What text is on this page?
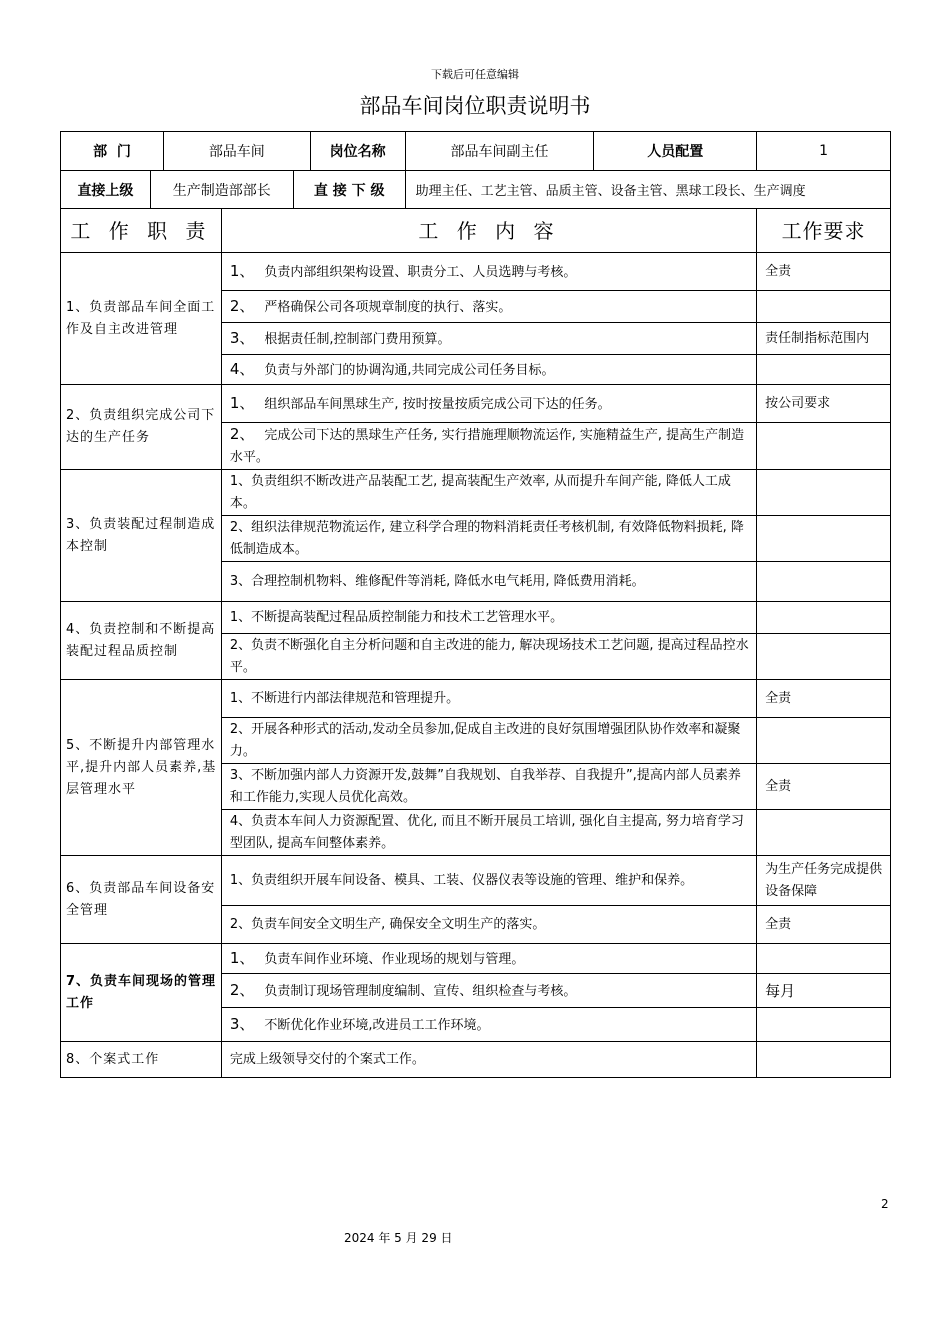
下载后可任意编辑
部品车间岗位职责说明书
部  门	部品车间	岗位名称	部品车间副主任	人员配置	1
直接上级	生产制造部部长	直 接 下 级	助理主任、工艺主管、品质主管、设备主管、黑球工段长、生产调度
工 作 职 责	工 作 内 容	工作要求
1、负责部品车间全面工作及自主改进管理	1、 负责内部组织架构设置、职责分工、人员选聘与考核。	全责
	2、 严格确保公司各项规章制度的执行、落实。	
	3、 根据责任制,控制部门费用预算。	责任制指标范围内
	4、 负责与外部门的协调沟通,共同完成公司任务目标。	
2、负责组织完成公司下达的生产任务	1、 组织部品车间黑球生产, 按时按量按质完成公司下达的任务。	按公司要求
	2、 完成公司下达的黑球生产任务, 实行措施理顺物流运作, 实施精益生产, 提高生产制造水平。	
3、负责装配过程制造成本控制	1、负责组织不断改进产品装配工艺, 提高装配生产效率, 从而提升车间产能, 降低人工成本。	
	2、组织法律规范物流运作, 建立科学合理的物料消耗责任考核机制, 有效降低物料损耗, 降低制造成本。	
	3、合理控制机物料、维修配件等消耗, 降低水电气耗用, 降低费用消耗。	
4、负责控制和不断提高装配过程品质控制	1、不断提高装配过程品质控制能力和技术工艺管理水平。	
	2、负责不断强化自主分析问题和自主改进的能力, 解决现场技术工艺问题, 提高过程品控水平。	
5、不断提升内部管理水平,提升内部人员素养,基层管理水平	1、不断进行内部法律规范和管理提升。	全责
	2、开展各种形式的活动,发动全员参加,促成自主改进的良好氛围增强团队协作效率和凝聚力。	
	3、不断加强内部人力资源开发,鼓舞”自我规划、自我举荐、自我提升”,提高内部人员素养和工作能力,实现人员优化高效。	全责
	4、负责本车间人力资源配置、优化, 而且不断开展员工培训, 强化自主提高, 努力培育学习型团队, 提高车间整体素养。	
6、负责部品车间设备安全管理	1、负责组织开展车间设备、模具、工装、仪器仪表等设施的管理、维护和保养。	为生产任务完成提供设备保障
	2、负责车间安全文明生产, 确保安全文明生产的落实。	全责
7、负责车间现场的管理工作	1、 负责车间作业环境、作业现场的规划与管理。	
	2、 负责制订现场管理制度编制、宣传、组织检查与考核。	每月
	3、 不断优化作业环境,改进员工工作环境。	
8、个案式工作	完成上级领导交付的个案式工作。	
2
2024 年 5 月 29 日
